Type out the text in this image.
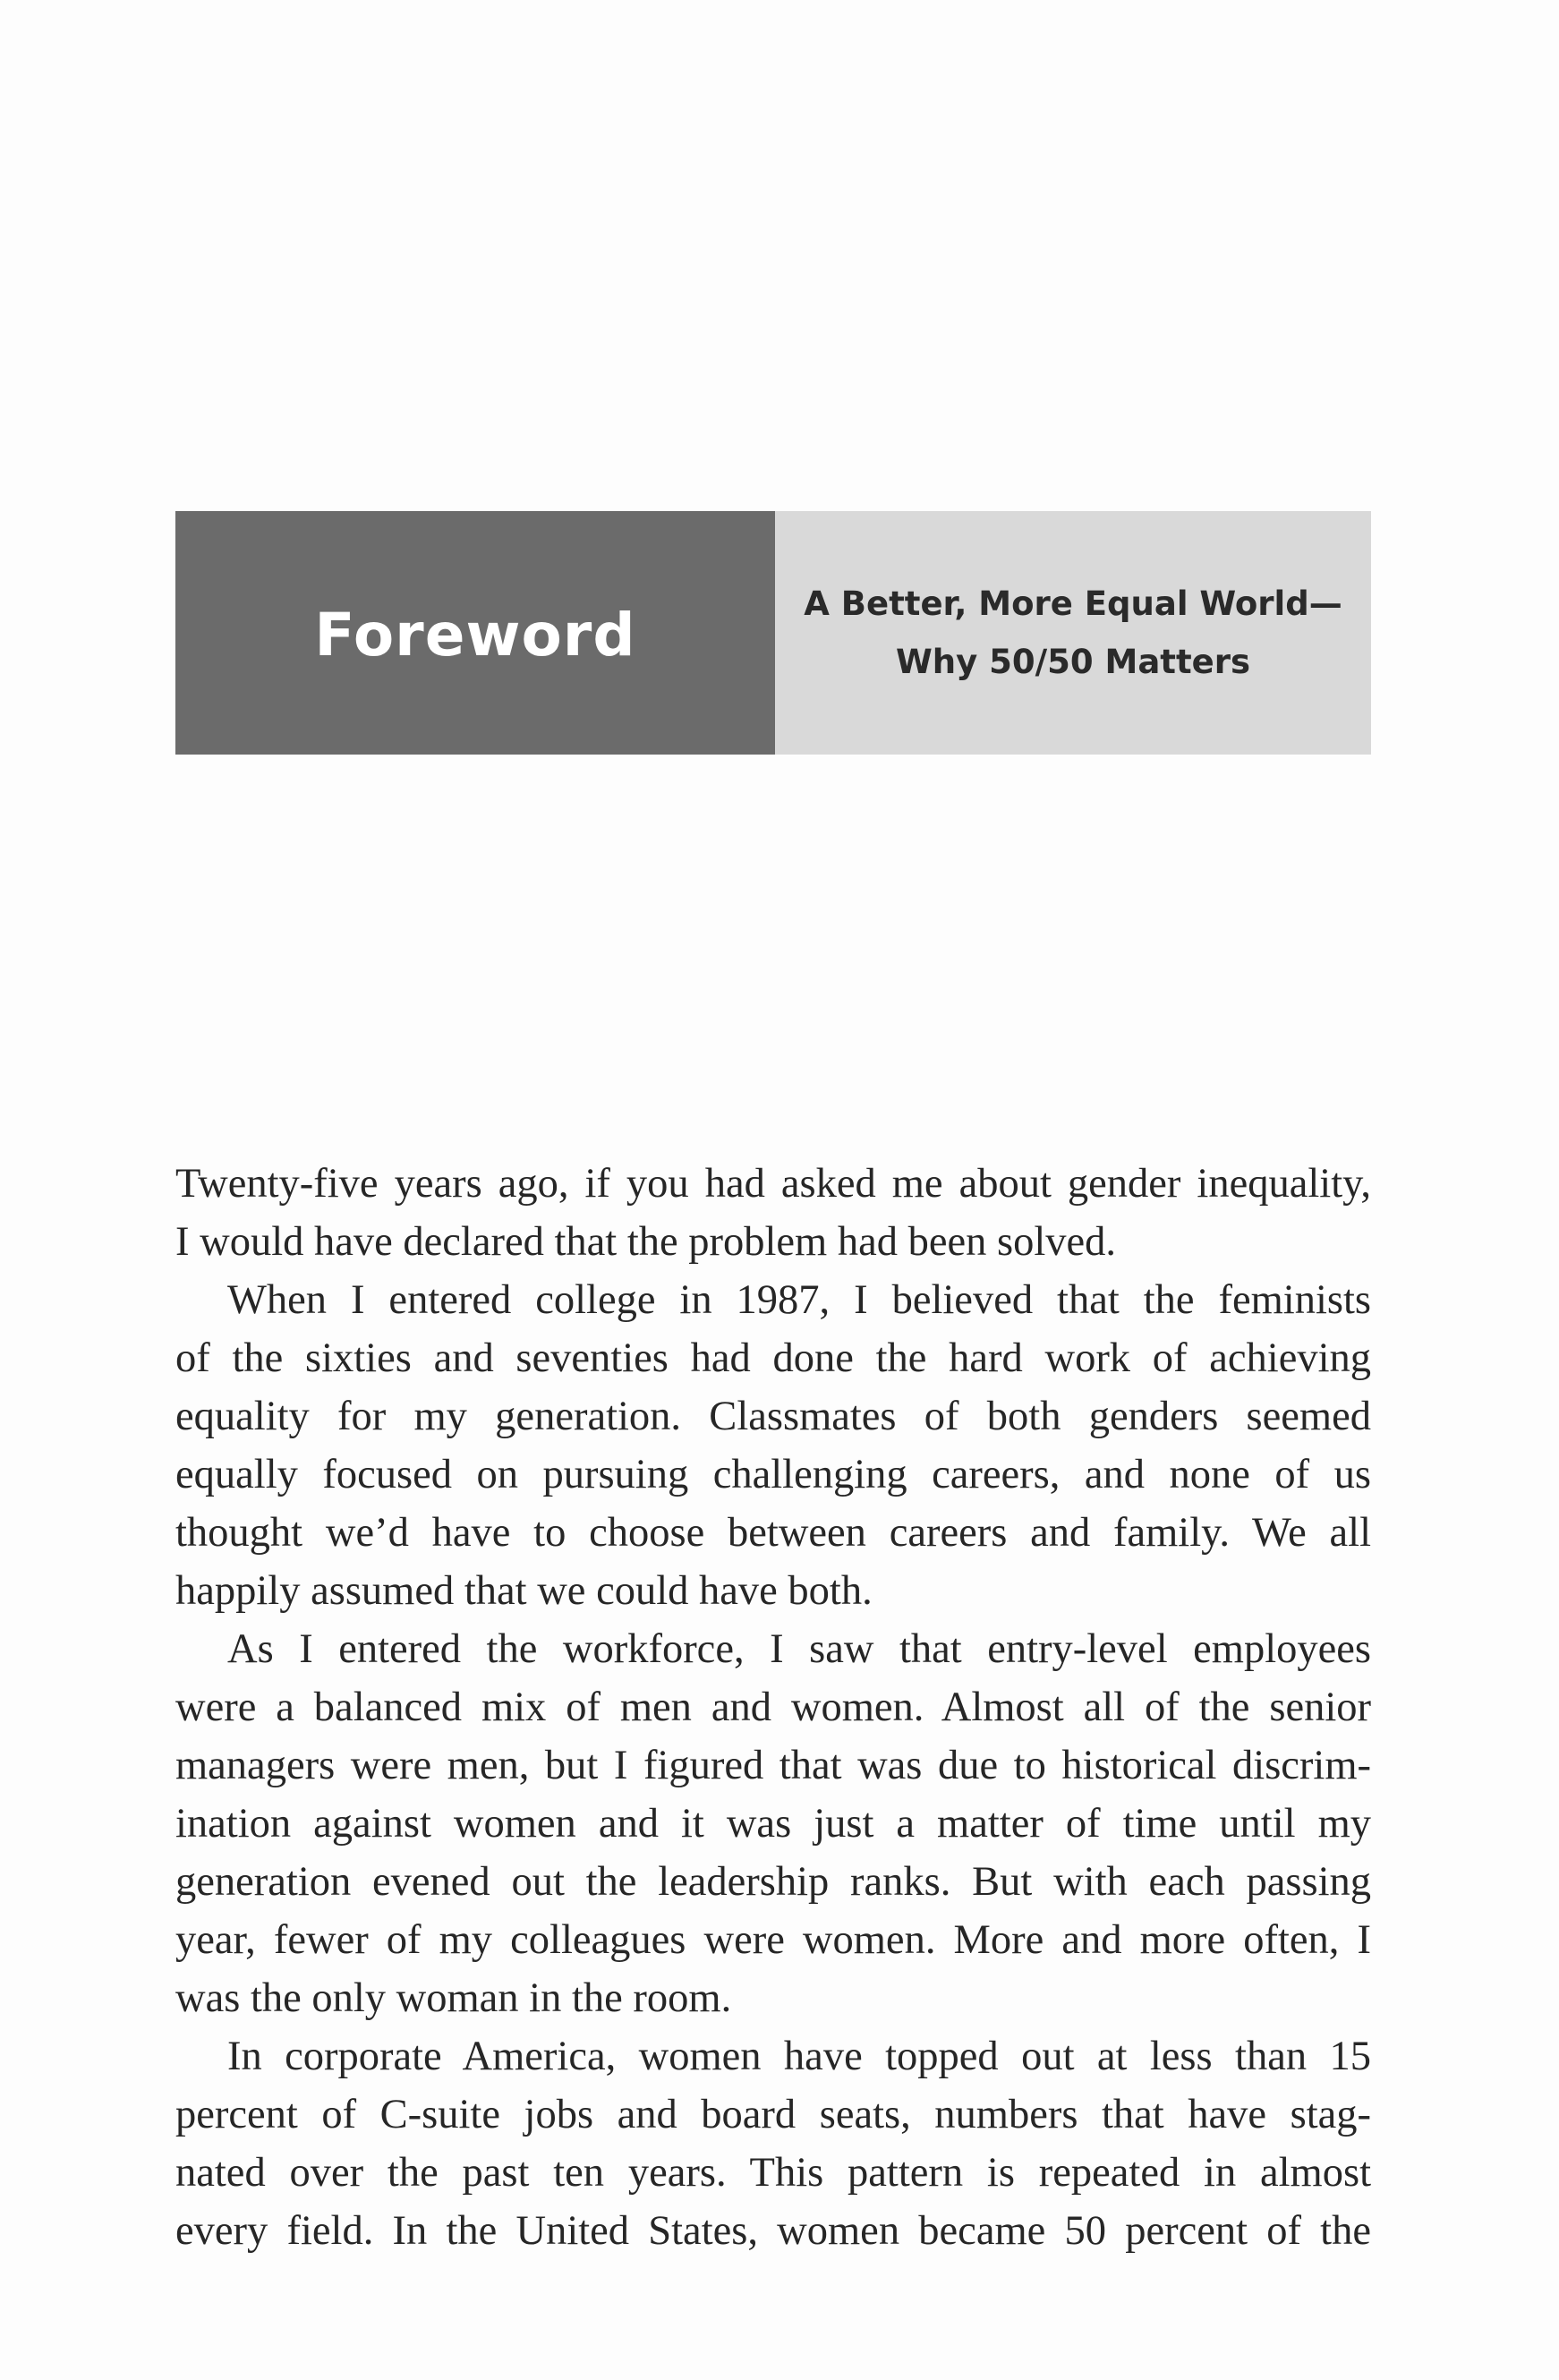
Foreword	A Better, More Equal World—
Why 50/50 Matters

Twenty-five years ago, if you had asked me about gender inequality,
I would have declared that the problem had been solved.

When I entered college in 1987, I believed that the feminists
of the sixties and seventies had done the hard work of achieving
equality for my generation. Classmates of both genders seemed
equally focused on pursuing challenging careers, and none of us
thought we’d have to choose between careers and family. We all
happily assumed that we could have both.

As I entered the workforce, I saw that entry-level employees
were a balanced mix of men and women. Almost all of the senior
managers were men, but I figured that was due to historical discrim-
ination against women and it was just a matter of time until my
generation evened out the leadership ranks. But with each passing
year, fewer of my colleagues were women. More and more often, I
was the only woman in the room.

In corporate America, women have topped out at less than 15
percent of C-suite jobs and board seats, numbers that have stag-
nated over the past ten years. This pattern is repeated in almost
every field. In the United States, women became 50 percent of the
